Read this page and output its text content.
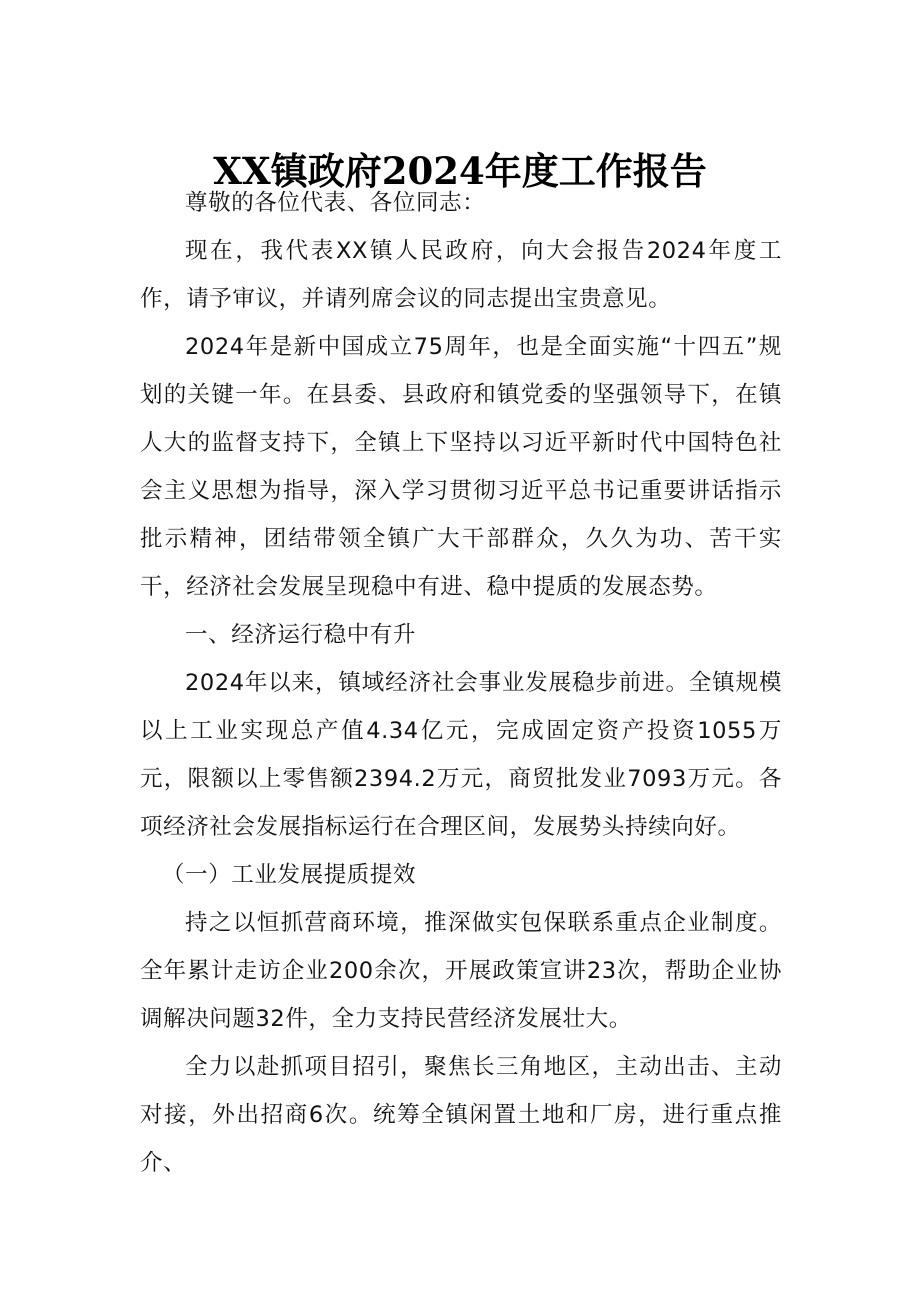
XX镇政府2024年度工作报告

尊敬的各位代表、各位同志：

现在，我代表XX镇人民政府，向大会报告2024年度工作，请予审议，并请列席会议的同志提出宝贵意见。

2024年是新中国成立75周年，也是全面实施“十四五”规划的关键一年。在县委、县政府和镇党委的坚强领导下，在镇人大的监督支持下，全镇上下坚持以习近平新时代中国特色社会主义思想为指导，深入学习贯彻习近平总书记重要讲话指示批示精神，团结带领全镇广大干部群众，久久为功、苦干实干，经济社会发展呈现稳中有进、稳中提质的发展态势。

一、经济运行稳中有升

2024年以来，镇域经济社会事业发展稳步前进。全镇规模以上工业实现总产值4.34亿元，完成固定资产投资1055万元，限额以上零售额2394.2万元，商贸批发业7093万元。各项经济社会发展指标运行在合理区间，发展势头持续向好。

（一）工业发展提质提效

持之以恒抓营商环境，推深做实包保联系重点企业制度。全年累计走访企业200余次，开展政策宣讲23次，帮助企业协调解决问题32件，全力支持民营经济发展壮大。

全力以赴抓项目招引，聚焦长三角地区，主动出击、主动对接，外出招商6次。统筹全镇闲置土地和厂房，进行重点推介、
